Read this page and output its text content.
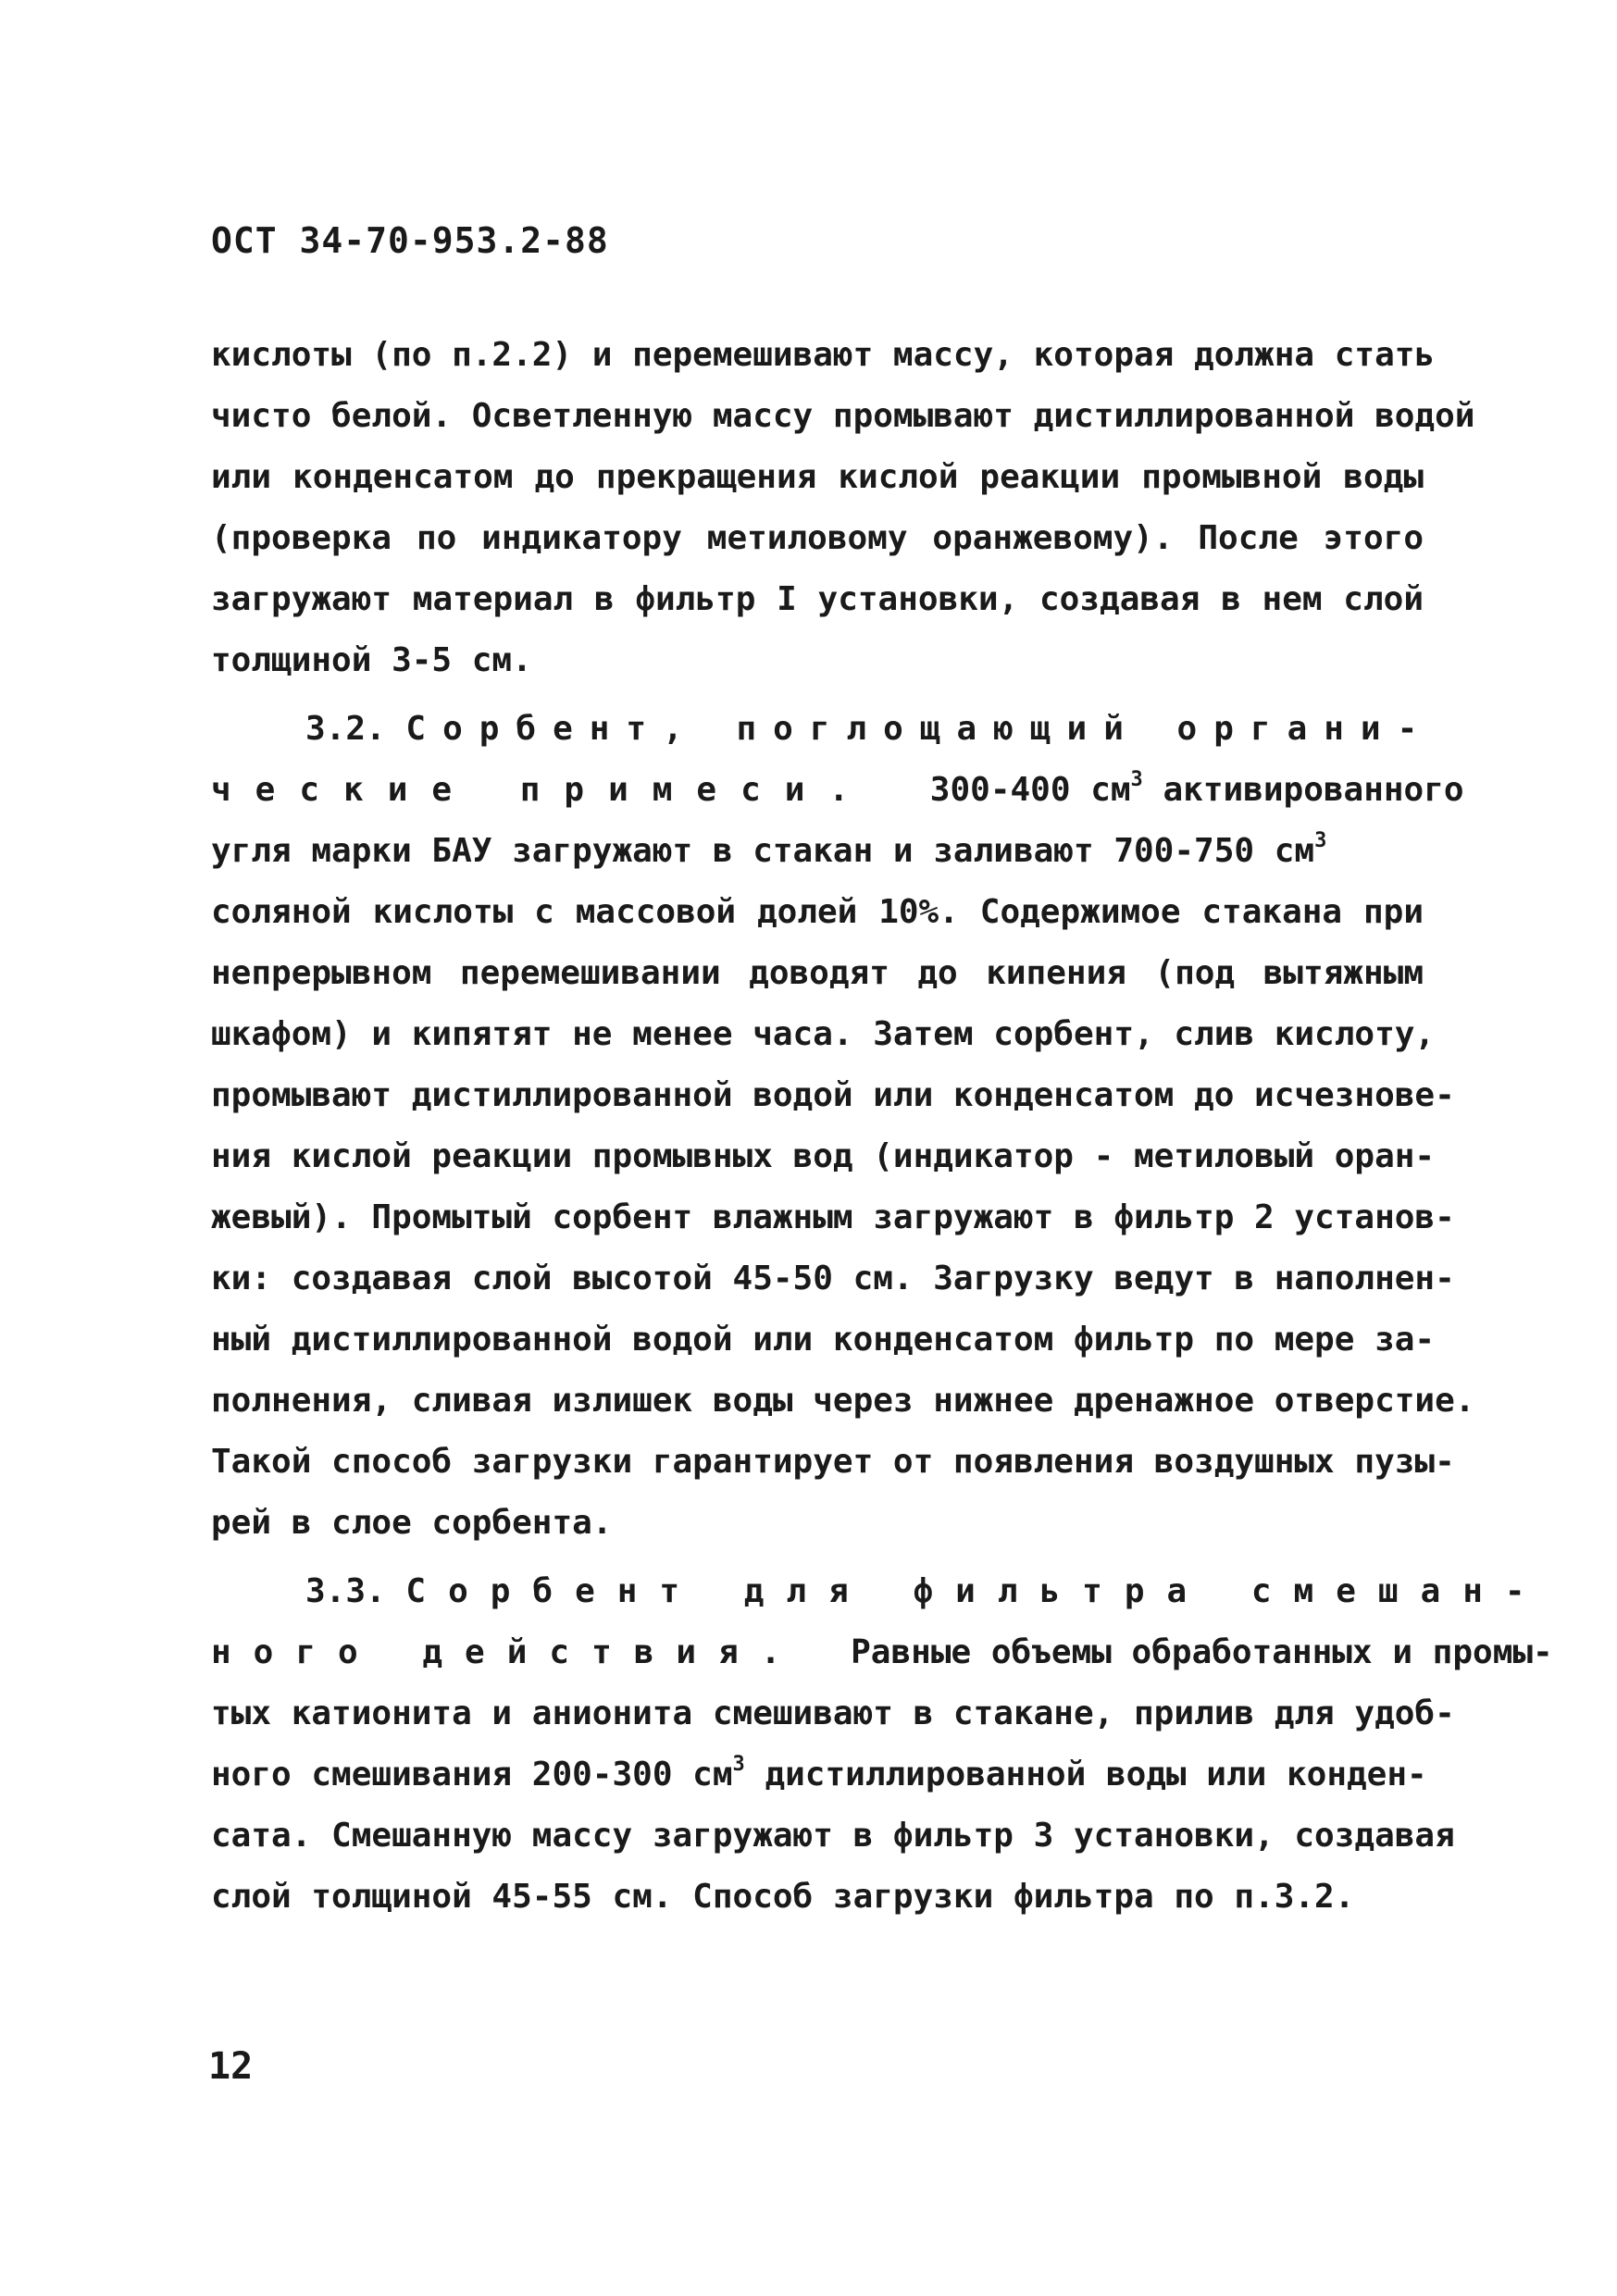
ОСТ 34-70-953.2-88
кислоты (по п.2.2) и перемешивают массу, которая должна стать
чисто белой. Осветленную массу промывают дистиллированной водой
или конденсатом до прекращения кислой реакции промывной воды
(проверка по индикатору метиловому оранжевому). После этого
загружают материал в фильтр I установки, создавая в нем слой
толщиной 3-5 см.
3.2. Сорбент, поглощающий органи-
ческие примеси. 300-400 $см^3$ активированного
угля марки БАУ загружают в стакан и заливают 700-750 $см^3$
соляной кислоты с массовой долей 10%. Содержимое стакана при
непрерывном перемешивании доводят до кипения (под вытяжным
шкафом) и кипятят не менее часа. Затем сорбент, слив кислоту,
промывают дистиллированной водой или конденсатом до исчезнове-
ния кислой реакции промывных вод (индикатор - метиловый оран-
жевый). Промытый сорбент влажным загружают в фильтр 2 установ-
ки: создавая слой высотой 45-50 см. Загрузку ведут в наполнен-
ный дистиллированной водой или конденсатом фильтр по мере за-
полнения, сливая излишек воды через нижнее дренажное отверстие.
Такой способ загрузки гарантирует от появления воздушных пузы-
рей в слое сорбента.
3.3. Сорбент для фильтра смешан-
ного действия. Равные объемы обработанных и промы-
тых катионита и анионита смешивают в стакане, прилив для удоб-
ного смешивания 200-300 $см^3$ дистиллированной воды или конден-
сата. Смешанную массу загружают в фильтр 3 установки, создавая
слой толщиной 45-55 см. Способ загрузки фильтра по п.3.2.
12
